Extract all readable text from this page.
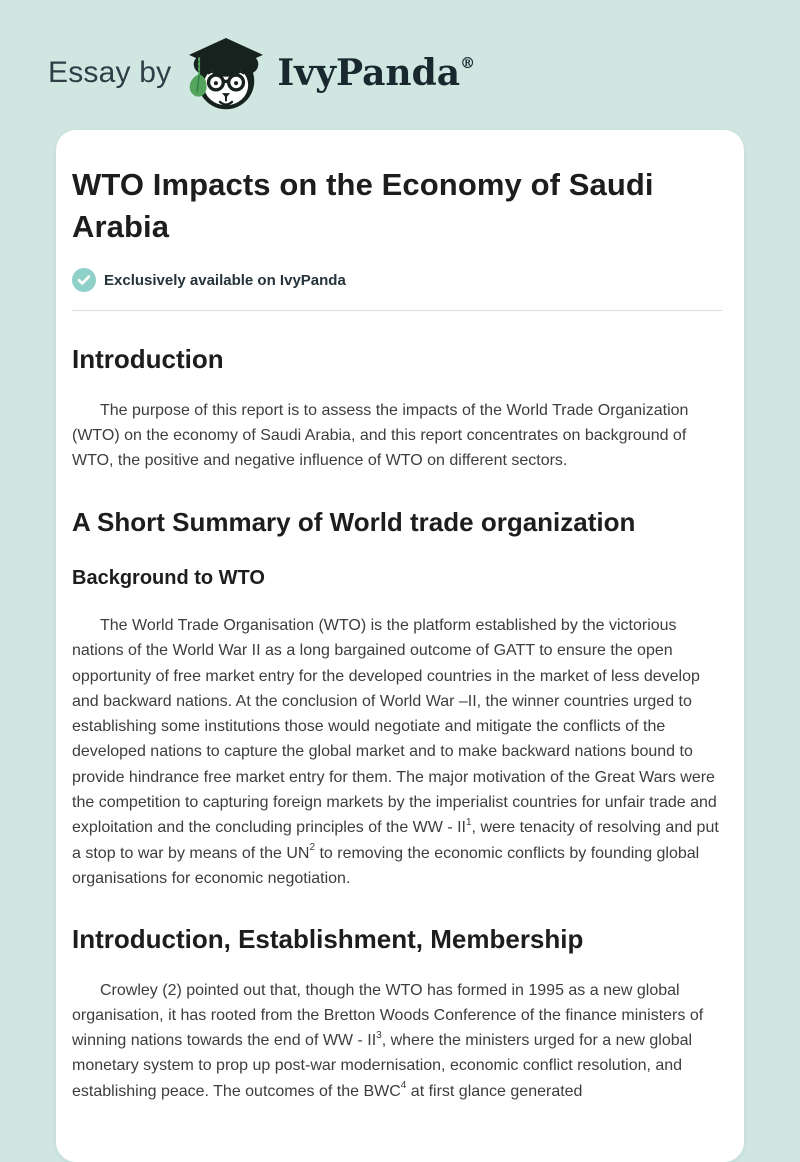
Essay by	IvyPanda ®
WTO Impacts on the Economy of Saudi Arabia
Exclusively available on IvyPanda
Introduction

The purpose of this report is to assess the impacts of the World Trade Organization (WTO) on the economy of Saudi Arabia, and this report concentrates on background of WTO, the positive and negative influence of WTO on different sectors.

A Short Summary of World trade organization
Background to WTO

The World Trade Organisation (WTO) is the platform established by the victorious nations of the World War II as a long bargained outcome of GATT to ensure the open opportunity of free market entry for the developed countries in the market of less develop and backward nations. At the conclusion of World War –II, the winner countries urged to establishing some institutions those would negotiate and mitigate the conflicts of the developed nations to capture the global market and to make backward nations bound to provide hindrance free market entry for them. The major motivation of the Great Wars were the competition to capturing foreign markets by the imperialist countries for unfair trade and exploitation and the concluding principles of the WW - $II^1$, were tenacity of resolving and put a stop to war by means of the $UN^2$ to removing the economic conflicts by founding global organisations for economic negotiation.

Introduction, Establishment, Membership

Crowley (2) pointed out that, though the WTO has formed in 1995 as a new global organisation, it has rooted from the Bretton Woods Conference of the finance ministers of winning nations towards the end of WW - $II^3$, where the ministers urged for a new global monetary system to prop up post-war modernisation, economic conflict resolution, and establishing peace. The outcomes of the BWC$^4$ at first glance generated
